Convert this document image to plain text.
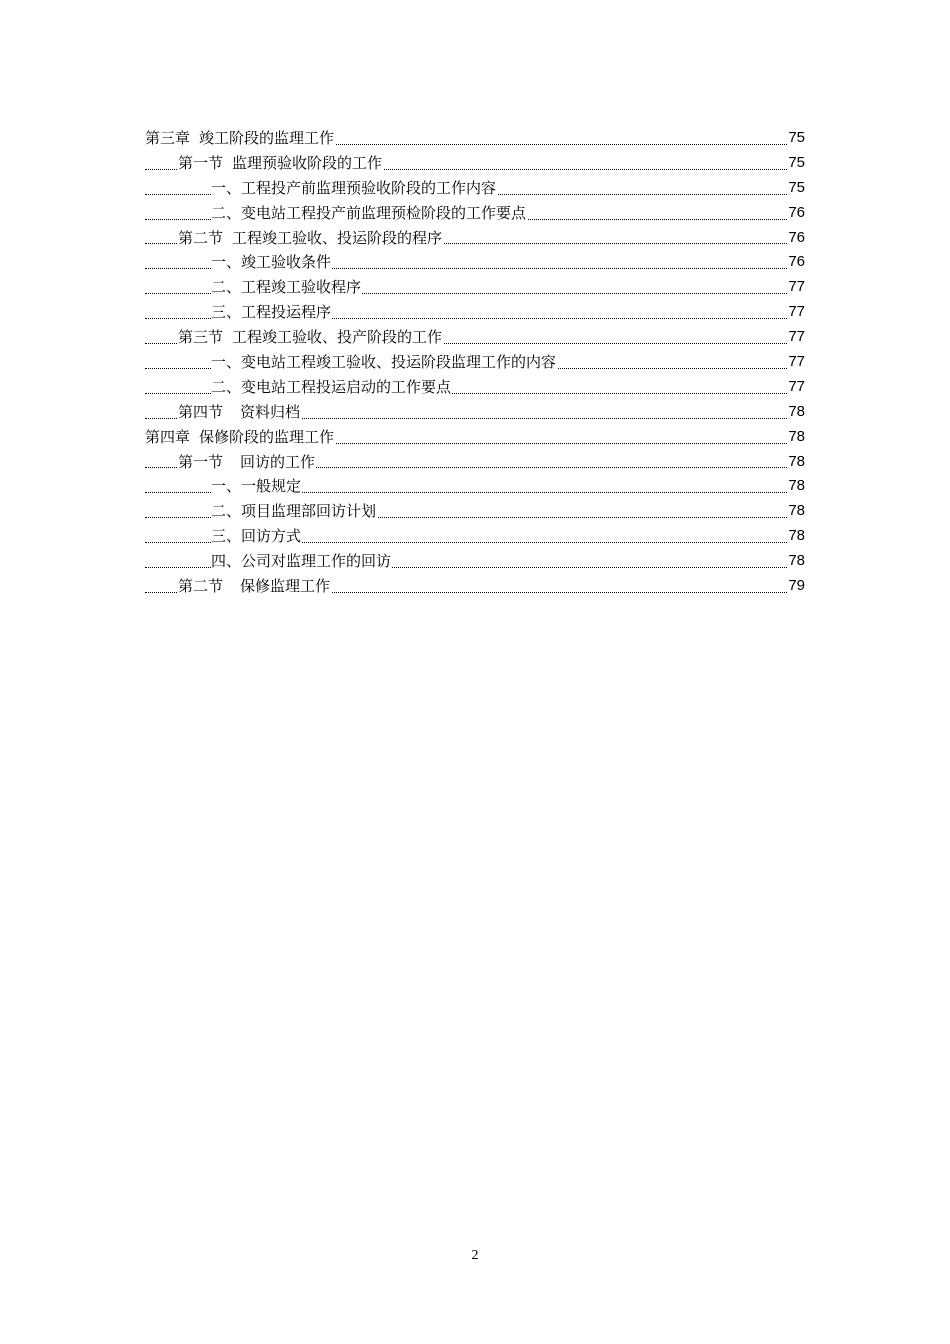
第三章 竣工阶段的监理工作	75
第一节 监理预验收阶段的工作	75
一、工程投产前监理预验收阶段的工作内容	75
二、变电站工程投产前监理预检阶段的工作要点	76
第二节 工程竣工验收、投运阶段的程序	76
一、竣工验收条件	76
二、工程竣工验收程序	77
三、工程投运程序	77
第三节 工程竣工验收、投产阶段的工作	77
一、变电站工程竣工验收、投运阶段监理工作的内容	77
二、变电站工程投运启动的工作要点	77
第四节 资料归档	78
第四章 保修阶段的监理工作	78
第一节 回访的工作	78
一、一般规定	78
二、项目监理部回访计划	78
三、回访方式	78
四、公司对监理工作的回访	78
第二节 保修监理工作	79
2
